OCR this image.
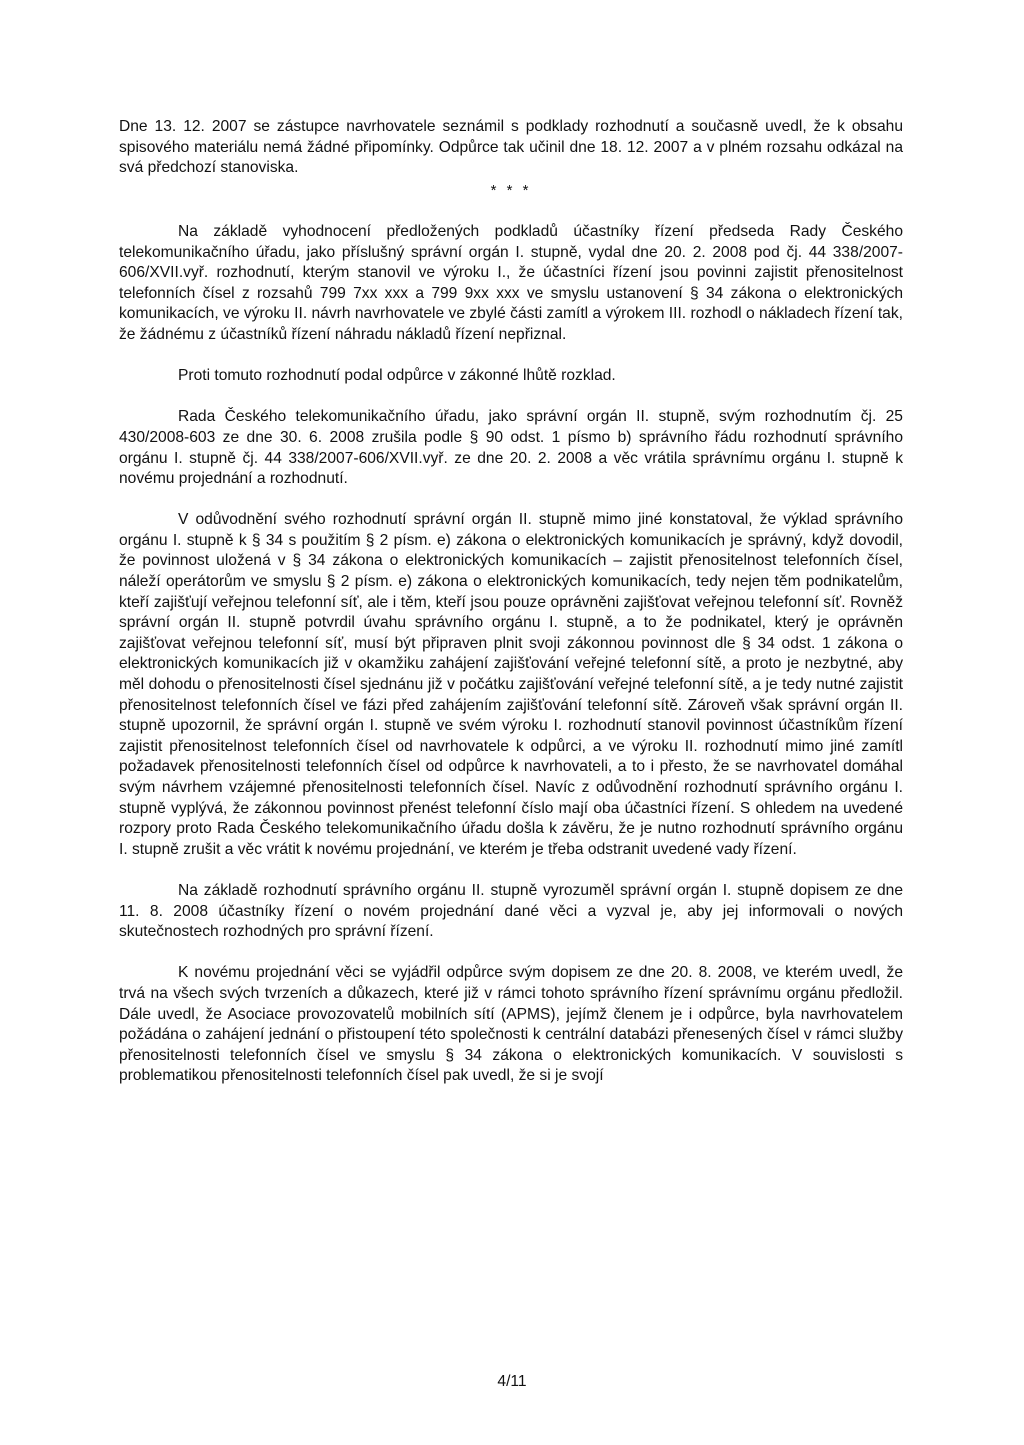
Dne 13. 12. 2007 se zástupce navrhovatele seznámil s podklady rozhodnutí a současně uvedl, že k obsahu spisového materiálu nemá žádné připomínky. Odpůrce tak učinil dne 18. 12. 2007 a v plném rozsahu odkázal na svá předchozí stanoviska.

* * *

Na základě vyhodnocení předložených podkladů účastníky řízení předseda Rady Českého telekomunikačního úřadu, jako příslušný správní orgán I. stupně, vydal dne 20. 2. 2008 pod čj. 44 338/2007-606/XVII.vyř. rozhodnutí, kterým stanovil ve výroku I., že účastníci řízení jsou povinni zajistit přenositelnost telefonních čísel z rozsahů 799 7xx xxx a 799 9xx xxx ve smyslu ustanovení § 34 zákona o elektronických komunikacích, ve výroku II. návrh navrhovatele ve zbylé části zamítl a výrokem III. rozhodl o nákladech řízení tak, že žádnému z účastníků řízení náhradu nákladů řízení nepřiznal.

Proti tomuto rozhodnutí podal odpůrce v zákonné lhůtě rozklad.

Rada Českého telekomunikačního úřadu, jako správní orgán II. stupně, svým rozhodnutím čj. 25 430/2008-603 ze dne 30. 6. 2008 zrušila podle § 90 odst. 1 písmo b) správního řádu rozhodnutí správního orgánu I. stupně čj. 44 338/2007-606/XVII.vyř. ze dne 20. 2. 2008 a věc vrátila správnímu orgánu I. stupně k novému projednání a rozhodnutí.

V odůvodnění svého rozhodnutí správní orgán II. stupně mimo jiné konstatoval, že výklad správního orgánu I. stupně k § 34 s použitím § 2 písm. e) zákona o elektronických komunikacích je správný, když dovodil, že povinnost uložená v § 34 zákona o elektronických komunikacích – zajistit přenositelnost telefonních čísel, náleží operátorům ve smyslu § 2 písm. e) zákona o elektronických komunikacích, tedy nejen těm podnikatelům, kteří zajišťují veřejnou telefonní síť, ale i těm, kteří jsou pouze oprávněni zajišťovat veřejnou telefonní síť. Rovněž správní orgán II. stupně potvrdil úvahu správního orgánu I. stupně, a to že podnikatel, který je oprávněn zajišťovat veřejnou telefonní síť, musí být připraven plnit svoji zákonnou povinnost dle § 34 odst. 1 zákona o elektronických komunikacích již v okamžiku zahájení zajišťování veřejné telefonní sítě, a proto je nezbytné, aby měl dohodu o přenositelnosti čísel sjednánu již v počátku zajišťování veřejné telefonní sítě, a je tedy nutné zajistit přenositelnost telefonních čísel ve fázi před zahájením zajišťování telefonní sítě. Zároveň však správní orgán II. stupně upozornil, že správní orgán I. stupně ve svém výroku I. rozhodnutí stanovil povinnost účastníkům řízení zajistit přenositelnost telefonních čísel od navrhovatele k odpůrci, a ve výroku II. rozhodnutí mimo jiné zamítl požadavek přenositelnosti telefonních čísel od odpůrce k navrhovateli, a to i přesto, že se navrhovatel domáhal svým návrhem vzájemné přenositelnosti telefonních čísel. Navíc z odůvodnění rozhodnutí správního orgánu I. stupně vyplývá, že zákonnou povinnost přenést telefonní číslo mají oba účastníci řízení. S ohledem na uvedené rozpory proto Rada Českého telekomunikačního úřadu došla k závěru, že je nutno rozhodnutí správního orgánu I. stupně zrušit a věc vrátit k novému projednání, ve kterém je třeba odstranit uvedené vady řízení.

Na základě rozhodnutí správního orgánu II. stupně vyrozuměl správní orgán I. stupně dopisem ze dne 11. 8. 2008 účastníky řízení o novém projednání dané věci a vyzval je, aby jej informovali o nových skutečnostech rozhodných pro správní řízení.

K novému projednání věci se vyjádřil odpůrce svým dopisem ze dne 20. 8. 2008, ve kterém uvedl, že trvá na všech svých tvrzeních a důkazech, které již v rámci tohoto správního řízení správnímu orgánu předložil. Dále uvedl, že Asociace provozovatelů mobilních sítí (APMS), jejímž členem je i odpůrce, byla navrhovatelem požádána o zahájení jednání o přistoupení této společnosti k centrální databázi přenesených čísel v rámci služby přenositelnosti telefonních čísel ve smyslu § 34 zákona o elektronických komunikacích. V souvislosti s problematikou přenositelnosti telefonních čísel pak uvedl, že si je svojí

4/11
